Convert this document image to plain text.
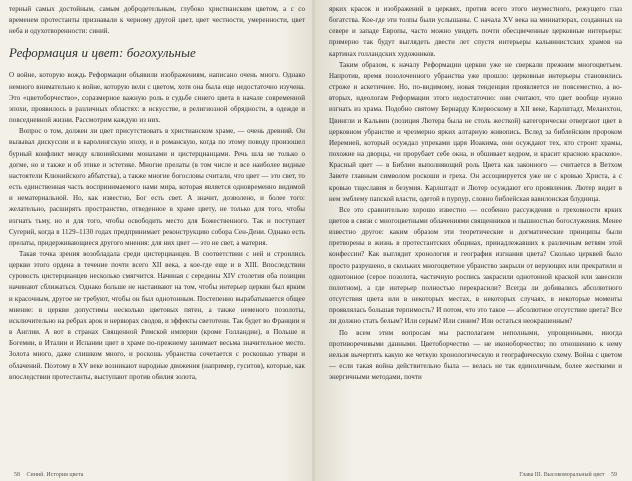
терный самых достойным, самым добродетельным, глубоко христианским цветом, а с со временем протестанты признавали к черному другой цвет, цвет честности, умеренности, цвет неба и одухотворенности: синий.

Реформация и цвет: богохульные

О войне, которую вождь Реформации объявили изображениям, написано очень много. Однако немного внимательно к войне, которую вели с цветом, хотя она была еще недостаточно изучена. Это «цветоборчество», соразмерное важную роль в судьбе синего цвета в начале современной эпохи, проявилось в различных областях: в искусстве, в религиозной обрядности, в одежде и повседневной жизни. Рассмотрим каждую из них.

Вопрос о том, должен ли цвет присутствовать в христианском храме, — очень древний. Он вызывал дискуссии и в каролингскую эпоху, и в романскую, когда по этому поводу произошел бурный конфликт между клюнийскими монахами и цистерцианцами. Речь шла не только о догме, но и также и об этике и эстетике. Многие прелаты (в том числе и все наиболее видные настоятели Клюнийского аббатства), а также многие богословы считали, что цвет — это свет, то есть единственная часть воспринимаемого нами мира, которая является одновременно видимой и нематериальной. Но, как известно, Бог есть свет. А значит, дозволено, и более того: желательно, расширять пространство, отведенное в храме цвету, не только для того, чтобы изгнать тьму, но и для того, чтобы освободить место для Божественного. Так и поступает Сугерий, когда в 1129–1130 годах предпринимает реконструкцию собора Сен-Дени. Однако есть прелаты, придерживающиеся другого мнения: для них цвет — это не свет, а материя.

Такая точка зрения возобладала среди цистерцианцев. В соответствии с ней и строились церкви этого ордена в течение почти всего XII века, а кое-где еще и в XIII. Впоследствии суровость цистерцианцев несколько смягчится. Начиная с середины XIV столетия оба позиции начинают сближаться. Однако больше не настаивают на том, чтобы интерьер церкви был ярким и красочным, другое не требуют, чтобы он был однотонным. Постепенно вырабатывается общее мнение: в церкви допустимы несколько цветовых пятен, а также неменого позолоты, исключительно на ребрах арок и нервюрах сводов, и эффекты светотени. Так будет во Франции и в Англии. А вот в странах Священной Римской империи (кроме Голландии), в Польше и Богемии, в Италии и Испании цвет в храме по-прежнему занимает весьма значительное место. Золота много, даже слишком много, и роскошь убранства сочетается с роскошью утвари и облачений. Поэтому в XV веке возникают народные движения (например, гуситов), которые, как впоследствии протестанты, выступают против обилия золота,

58 Синий. История цвета

ярких красок и изображений в церквях, против всего этого неуместного, режущего глаз богатства. Кое-где эти толпы были услышаны. С начала XV века на миниатюрах, созданных на севере и западе Европы, часто можно увидеть почти обесцвеченные церковные интерьеры: примерно так будут выглядеть двести лет спустя интерьеры кальвинистских храмов на картинах голландских художников.

Таким образом, к началу Реформации церкви уже не сверкали прежним многоцветьем. Напротив, время позолоченного убранства уже прошло: церковные интерьеры становились строже и аскетичнее. Но, по-видимому, новая тенденция проявляется не повсеместно, а во-вторых, идеологам Реформации этого недостаточно: они считают, что цвет вообще нужно изгнать из храма. Подобно святому Бернарду Клервоскому в XII веке, Карлштадт, Меланхтон, Цвингли и Кальвин (позиция Лютера была не столь жесткой) категорически отвергают цвет в церковном убранстве и чрезмерно ярких алтарную живопись. Вслед за библейским пророком Иеремией, который осуждал упреками царя Иоакима, они осуждают тех, кто строит храмы, похожие на дворцы, «и прорубает себе окна, и обшивает кедром, и красит красною краскою». Красный цвет — в Библии выполняющий роль Цвета как законного — считается в Ветхом Завете главным символом роскоши и греха. Он ассоциируется уже не с кровью Христа, а с кровью тщеславия и безумия. Карлштадт и Лютер осуждают его проявления. Лютер видит в нем эмблему папской власти, одетой в пурпур, словно библейская вавилонская блудница.

Все это сравнительно хорошо известно — особенно рассуждения о греховности ярких цветов в связи с многоцветными облачениями священников и пышностью богослужения. Менее известно другое: каким образом эти теоретические и догматические принципы были претворены в жизнь в протестантских общинах, принадлежавших к различным ветвям этой конфессии? Как выглядит хронология и география изгнания цвета? Сколько церквей было просто разрушено, в скольких многоцветное убранство закрыли от верующих или прекратили и однотонное (серое позолота, частичную роспись закрасили однотонной краской или завесили полотном), а где интерьер полностью перекрасили? Всегда ли добивались абсолютного отсутствия цвета или в некоторых местах, в некоторых случаях, в некоторые моменты проявлялась большая терпимость? И потом, что это такое — абсолютное отсутствие цвета? Все ли должно стать белым? Или серым? Или синим? Или остаться неокрашенным?

По всем этим вопросам мы располагаем неполными, упрощенными, иногда противоречивыми данными. Цветоборчество — не иконоборчество; по отношению к нему нельзя вычертить какую же четкую хронологическую и географическую схему. Война с цветом — если такая война действительно была — велась не так единоличным, более жесткими и энергичными методами, почти

Глава III. Высокоморальный цвет 59
